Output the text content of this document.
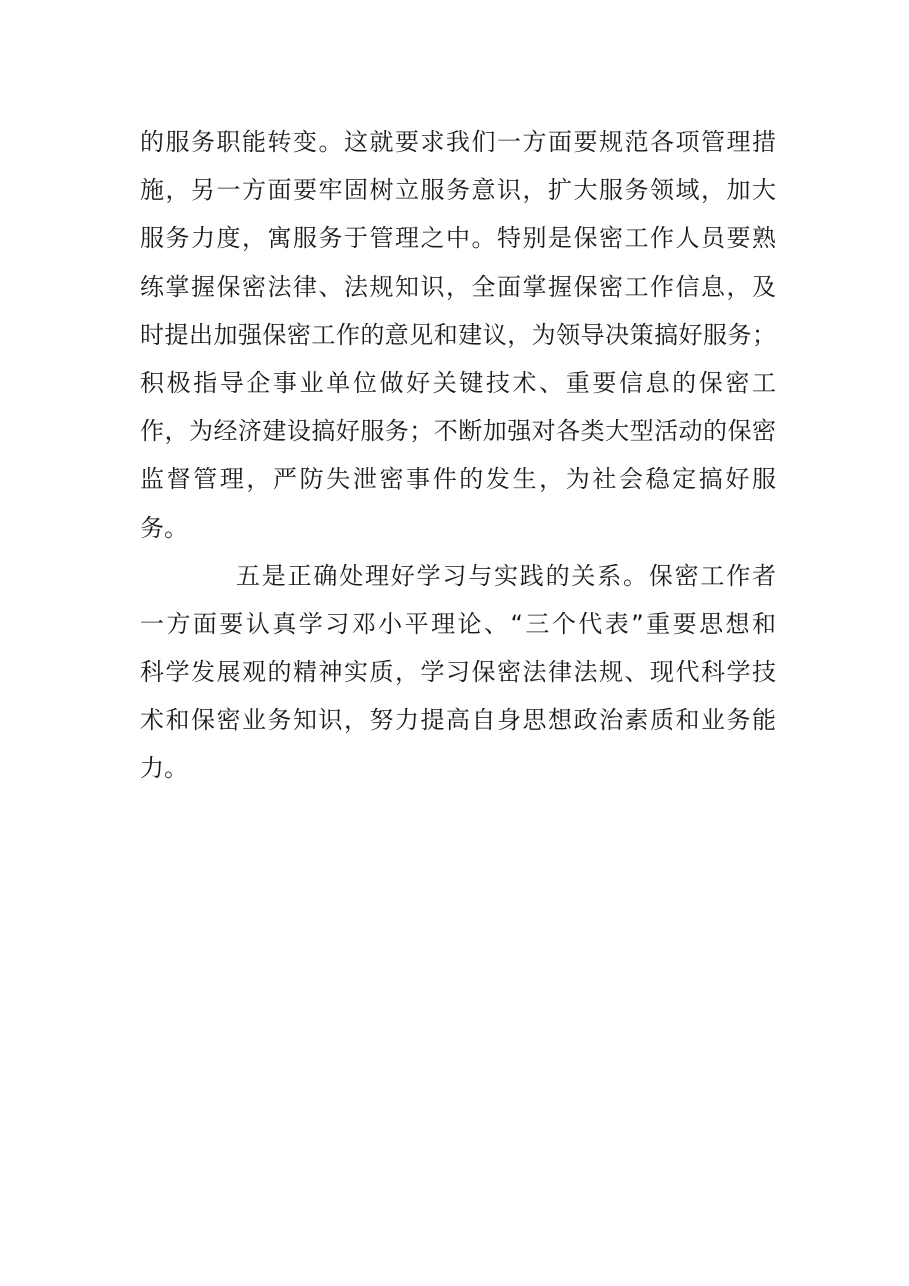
的服务职能转变。这就要求我们一方面要规范各项管理措
施，另一方面要牢固树立服务意识，扩大服务领域，加大
服务力度，寓服务于管理之中。特别是保密工作人员要熟
练掌握保密法律、法规知识，全面掌握保密工作信息，及
时提出加强保密工作的意见和建议，为领导决策搞好服务；
积极指导企事业单位做好关键技术、重要信息的保密工
作，为经济建设搞好服务；不断加强对各类大型活动的保密
监督管理，严防失泄密事件的发生，为社会稳定搞好服
务。
五是正确处理好学习与实践的关系。保密工作者
一方面要认真学习邓小平理论、“三个代表”重要思想和
科学发展观的精神实质，学习保密法律法规、现代科学技
术和保密业务知识，努力提高自身思想政治素质和业务能
力。
